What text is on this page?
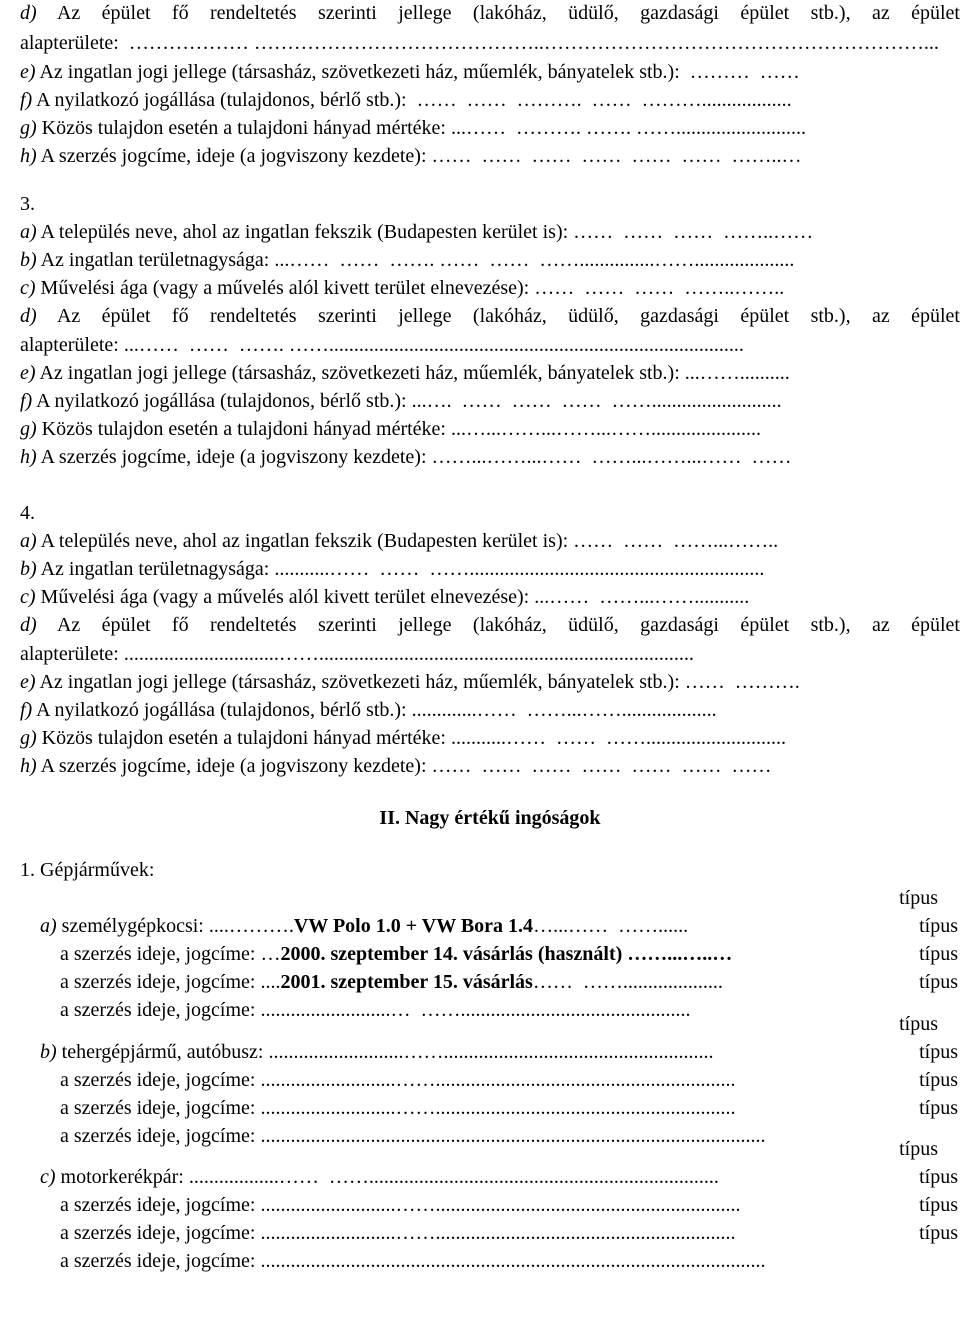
d) Az épület fő rendeltetés szerinti jellege (lakóház, üdülő, gazdasági épület stb.), az épület
alapterülete:  ……………… ……………………………………..…………………………………………………...
e) Az ingatlan jogi jellege (társasház, szövetkezeti ház, műemlék, bányatelek stb.):  ………  ……
f) A nyilatkozó jogállása (tulajdonos, bérlő stb.):  ……  ……  ……….  ……  ………..................
g) Közös tulajdon esetén a tulajdoni hányad mértéke: ...……  ………. ……. ……..........................
h) A szerzés jogcíme, ideje (a jogviszony kezdete): ……  ……  ……  ……  ……  ……  ……..…
3.
a) A település neve, ahol az ingatlan fekszik (Budapesten kerület is): ……  ……  ……  ……..……
b) Az ingatlan területnagysága: ...……  ……  ……. ……  ……  ……...............……....................
c) Művelési ága (vagy a művelés alól kivett terület elnevezése): ……  ……  ……  ……..……..
d) Az épület fő rendeltetés szerinti jellege (lakóház, üdülő, gazdasági épület stb.), az épület
alapterülete: ...……  ……  ……. ……...................................................................................
e) Az ingatlan jogi jellege (társasház, szövetkezeti ház, műemlék, bányatelek stb.): ...……..........
f) A nyilatkozó jogállása (tulajdonos, bérlő stb.): ...….  ……  ……  ……  ……..........................
g) Közös tulajdon esetén a tulajdoni hányad mértéke: ...…...……...……...……......................
h) A szerzés jogcíme, ideje (a jogviszony kezdete): ……...……...……  ……...……...……  ……
4.
a) A település neve, ahol az ingatlan fekszik (Budapesten kerület is): ……  ……  ……...……..
b) Az ingatlan területnagysága: ...........……  ……  ……...........................................................
c) Művelési ága (vagy a művelés alól kivett terület elnevezése): ...……  ……...……...........
d) Az épület fő rendeltetés szerinti jellege (lakóház, üdülő, gazdasági épület stb.), az épület
alapterülete: ...............................……...........................................................................
e) Az ingatlan jogi jellege (társasház, szövetkezeti ház, műemlék, bányatelek stb.): ……  ……….
f) A nyilatkozó jogállása (tulajdonos, bérlő stb.): .............……  ……...……...................
g) Közös tulajdon esetén a tulajdoni hányad mértéke: ...........……  ……  ……............................
h) A szerzés jogcíme, ideje (a jogviszony kezdete): ……  ……  ……  ……  ……  ……  ……
II. Nagy értékű ingóságok
1. Gépjárművek:

a) személygépkocsi: ....……….VW Polo 1.0 + VW Bora 1.4…...……  ……......

típus

a szerzés ideje, jogcíme: …2000. szeptember 14. vásárlás (használt) ……...…..…

típus

a szerzés ideje, jogcíme: ....2001. szeptember 15. vásárlás……  ……....................

típus

a szerzés ideje, jogcíme: ..........................…  ……..............................................

típus

b) tehergépjármű, autóbusz: ...........................……......................................................

típus

a szerzés ideje, jogcíme: ...........................……............................................................

típus

a szerzés ideje, jogcíme: ...........................……............................................................

típus

a szerzés ideje, jogcíme: .....................................................................................................

típus

c) motorkerékpár: ..................……  ……......................................................................

típus

a szerzés ideje, jogcíme: ...........................…….............................................................

típus

a szerzés ideje, jogcíme: ...........................……............................................................

típus

a szerzés ideje, jogcíme: .....................................................................................................

típus
